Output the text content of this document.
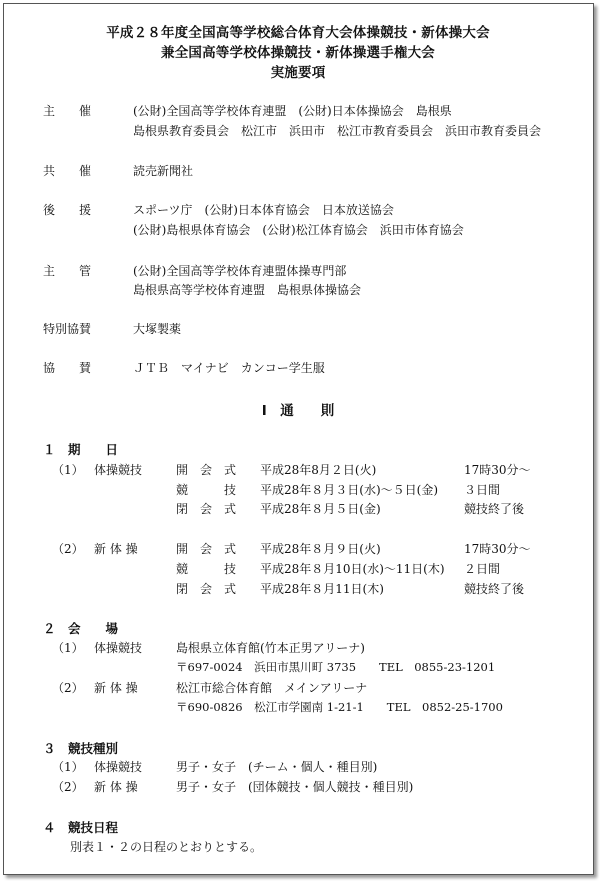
平成２８年度全国高等学校総合体育大会体操競技・新体操大会
兼全国高等学校体操競技・新体操選手権大会
実施要項
主　　催	(公財)全国高等学校体育連盟　(公財)日本体操協会　島根県
島根県教育委員会　松江市　浜田市　松江市教育委員会　浜田市教育委員会
共　　催	読売新聞社
後　　援	スポーツ庁　(公財)日本体育協会　日本放送協会
(公財)島根県体育協会　(公財)松江体育協会　浜田市体育協会
主　　管	(公財)全国高等学校体育連盟体操専門部
島根県高等学校体育連盟　島根県体操協会
特別協賛	大塚製薬
協　　賛	ＪＴＢ　マイナビ　カンコー学生服
Ⅰ　通　　則
１　期　　日
（1） 体操競技	開　会　式 平成28年8月２日(火)	17時30分～
競　　　技 平成28年８月３日(水)～５日(金) ３日間
閉　会　式 平成28年８月５日(金)	競技終了後
（2） 新 体 操	開　会　式 平成28年８月９日(火)	17時30分～
競　　　技 平成28年８月10日(水)～11日(木) ２日間
閉　会　式 平成28年８月11日(木)	競技終了後
２　会　　場
（1） 体操競技	島根県立体育館(竹本正男アリーナ)
〒697-0024　浜田市黒川町 3735　　TEL　0855-23-1201
（2） 新 体 操	松江市総合体育館　メインアリーナ
〒690-0826　松江市学園南 1-21-1　　TEL　0852-25-1700
３　競技種別
（1） 体操競技	男子・女子　(チーム・個人・種目別)
（2） 新 体 操	男子・女子　(団体競技・個人競技・種目別)
４　競技日程
別表１・２の日程のとおりとする。
